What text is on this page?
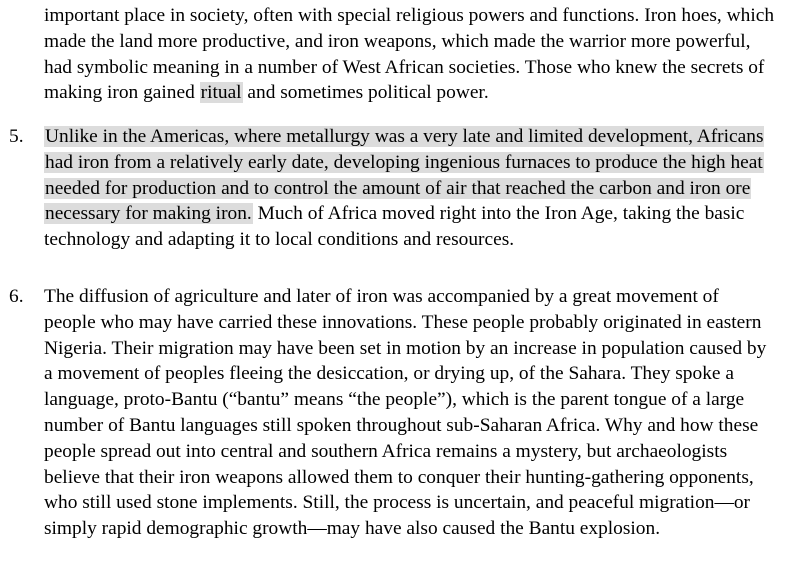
important place in society, often with special religious powers and functions. Iron hoes, which
made the land more productive, and iron weapons, which made the warrior more powerful,
had symbolic meaning in a number of West African societies. Those who knew the secrets of
making iron gained ritual and sometimes political power.
5. Unlike in the Americas, where metallurgy was a very late and limited development, Africans
had iron from a relatively early date, developing ingenious furnaces to produce the high heat
needed for production and to control the amount of air that reached the carbon and iron ore
necessary for making iron. Much of Africa moved right into the Iron Age, taking the basic
technology and adapting it to local conditions and resources.
6. The diffusion of agriculture and later of iron was accompanied by a great movement of
people who may have carried these innovations. These people probably originated in eastern
Nigeria. Their migration may have been set in motion by an increase in population caused by
a movement of peoples fleeing the desiccation, or drying up, of the Sahara. They spoke a
language, proto-Bantu (“bantu” means “the people”), which is the parent tongue of a large
number of Bantu languages still spoken throughout sub-Saharan Africa. Why and how these
people spread out into central and southern Africa remains a mystery, but archaeologists
believe that their iron weapons allowed them to conquer their hunting-gathering opponents,
who still used stone implements. Still, the process is uncertain, and peaceful migration—or
simply rapid demographic growth—may have also caused the Bantu explosion.
